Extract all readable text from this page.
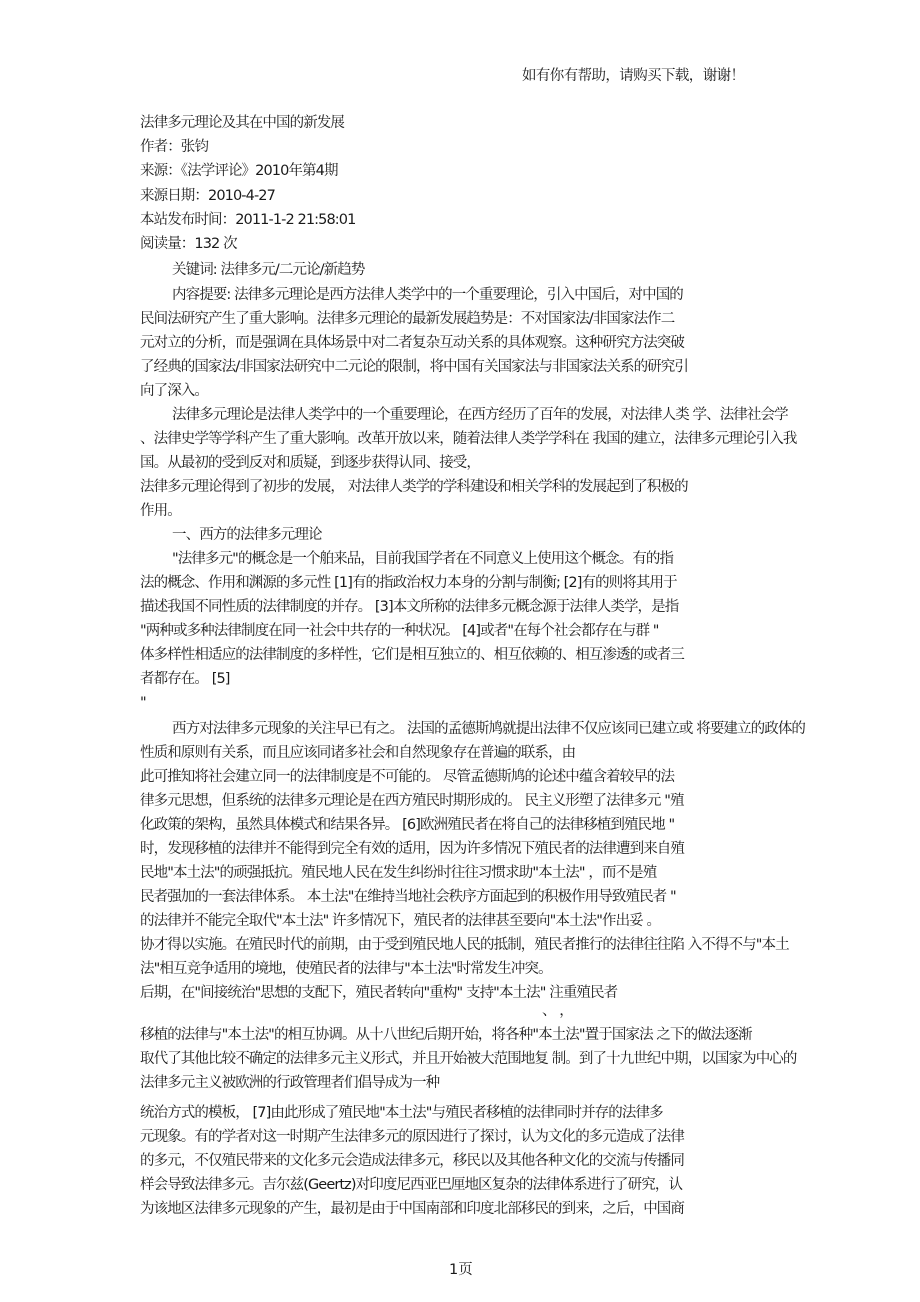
如有你有帮助，请购买下载，谢谢！
法律多元理论及其在中国的新发展
作者：张钧
来源：《法学评论》2010年第4期
来源日期：2010-4-27
本站发布时间：2011-1-2 21:58:01
阅读量：132 次
关键词: 法律多元/二元论/新趋势
内容提要: 法律多元理论是西方法律人类学中的一个重要理论，引入中国后，对中国的
民间法研究产生了重大影响。法律多元理论的最新发展趋势是：不对国家法/非国家法作二
元对立的分析，而是强调在具体场景中对二者复杂互动关系的具体观察。这种研究方法突破
了经典的国家法/非国家法研究中二元论的限制，将中国有关国家法与非国家法关系的研究引
向了深入。
法律多元理论是法律人类学中的一个重要理论，在西方经历了百年的发展，对法律人类 学、法律社会学
、法律史学等学科产生了重大影响。改革开放以来，随着法律人类学学科在 我国的建立，法律多元理论引入我
国。从最初的受到反对和质疑，到逐步获得认同、接受，
法律多元理论得到了初步的发展， 对法律人类学的学科建设和相关学科的发展起到了积极的
作用。
一、西方的法律多元理论
"法律多元"的概念是一个舶来品，目前我国学者在不同意义上使用这个概念。有的指
法的概念、作用和渊源的多元性 [1]有的指政治权力本身的分割与制衡; [2]有的则将其用于
描述我国不同性质的法律制度的并存。 [3]本文所称的法律多元概念源于法律人类学，是指
"两种或多种法律制度在同一社会中共存的一种状况。 [4]或者"在每个社会都存在与群 "
体多样性相适应的法律制度的多样性，它们是相互独立的、相互依赖的、相互渗透的或者三
者都存在。 [5]
"
西方对法律多元现象的关注早已有之。 法国的孟德斯鸠就提出法律不仅应该同已建立或 将要建立的政体的
性质和原则有关系，而且应该同诸多社会和自然现象存在普遍的联系，由
此可推知将社会建立同一的法律制度是不可能的。 尽管孟德斯鸠的论述中蕴含着较早的法
律多元思想，但系统的法律多元理论是在西方殖民时期形成的。 民主义形塑了法律多元 "殖
化政策的架构，虽然具体模式和结果各异。 [6]欧洲殖民者在将自己的法律移植到殖民地 "
时，发现移植的法律并不能得到完全有效的适用，因为许多情况下殖民者的法律遭到来自殖
民地"本土法"的顽强抵抗。殖民地人民在发生纠纷时往往习惯求助"本土法" ，而不是殖
民者强加的一套法律体系。 本土法"在维持当地社会秩序方面起到的积极作用导致殖民者 "
的法律并不能完全取代"本土法" 许多情况下，殖民者的法律甚至要向"本土法"作出妥 。
协才得以实施。在殖民时代的前期，由于受到殖民地人民的抵制，殖民者推行的法律往往陷 入不得不与"本土
法"相互竞争适用的境地，使殖民者的法律与"本土法"时常发生冲突。
后期，在"间接统治"思想的支配下，殖民者转向"重构" 支持"本土法" 注重殖民者
、 ，
移植的法律与"本土法"的相互协调。从十八世纪后期开始，将各种"本土法"置于国家法 之下的做法逐渐
取代了其他比较不确定的法律多元主义形式，并且开始被大范围地复 制。到了十九世纪中期，以国家为中心的
法律多元主义被欧洲的行政管理者们倡导成为一种
统治方式的模板， [7]由此形成了殖民地"本土法"与殖民者移植的法律同时并存的法律多
元现象。有的学者对这一时期产生法律多元的原因进行了探讨，认为文化的多元造成了法律
的多元，不仅殖民带来的文化多元会造成法律多元，移民以及其他各种文化的交流与传播同
样会导致法律多元。吉尔兹(Geertz)对印度尼西亚巴厘地区复杂的法律体系进行了研究，认
为该地区法律多元现象的产生，最初是由于中国南部和印度北部移民的到来，之后，中国商
1页
